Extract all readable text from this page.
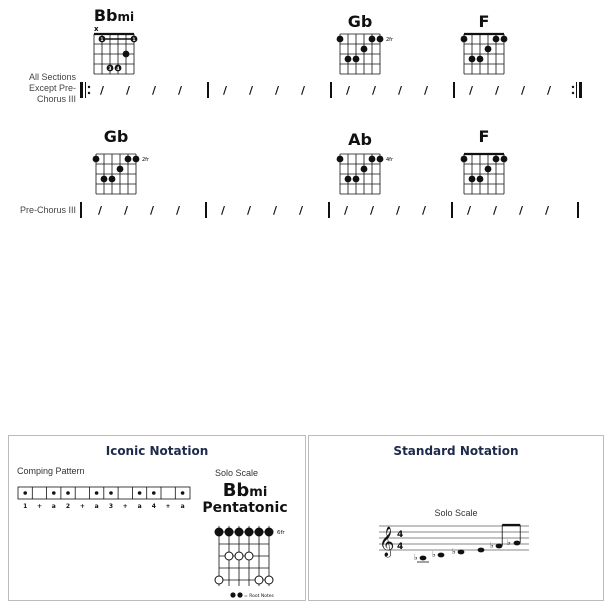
All Sections
Except Pre-
Chorus III
Bbmi	Gb	F
x
1	1
3 4
2fr
/ / / /	/ / / /	/ / / /	/ / / /
Pre-Chorus III
Gb	Ab	F
2fr	4fr
/ / / /	/ / / /	/ / / /	/ / / /
Iconic Notation
Comping Pattern
1 + a 2 + a 3 + a 4 + a
Solo Scale
Bbmi
Pentatonic
6fr
= Root Notes
Standard Notation
Solo Scale
𝄞 4
4
♭ ♭ ♭
♭ ♭
